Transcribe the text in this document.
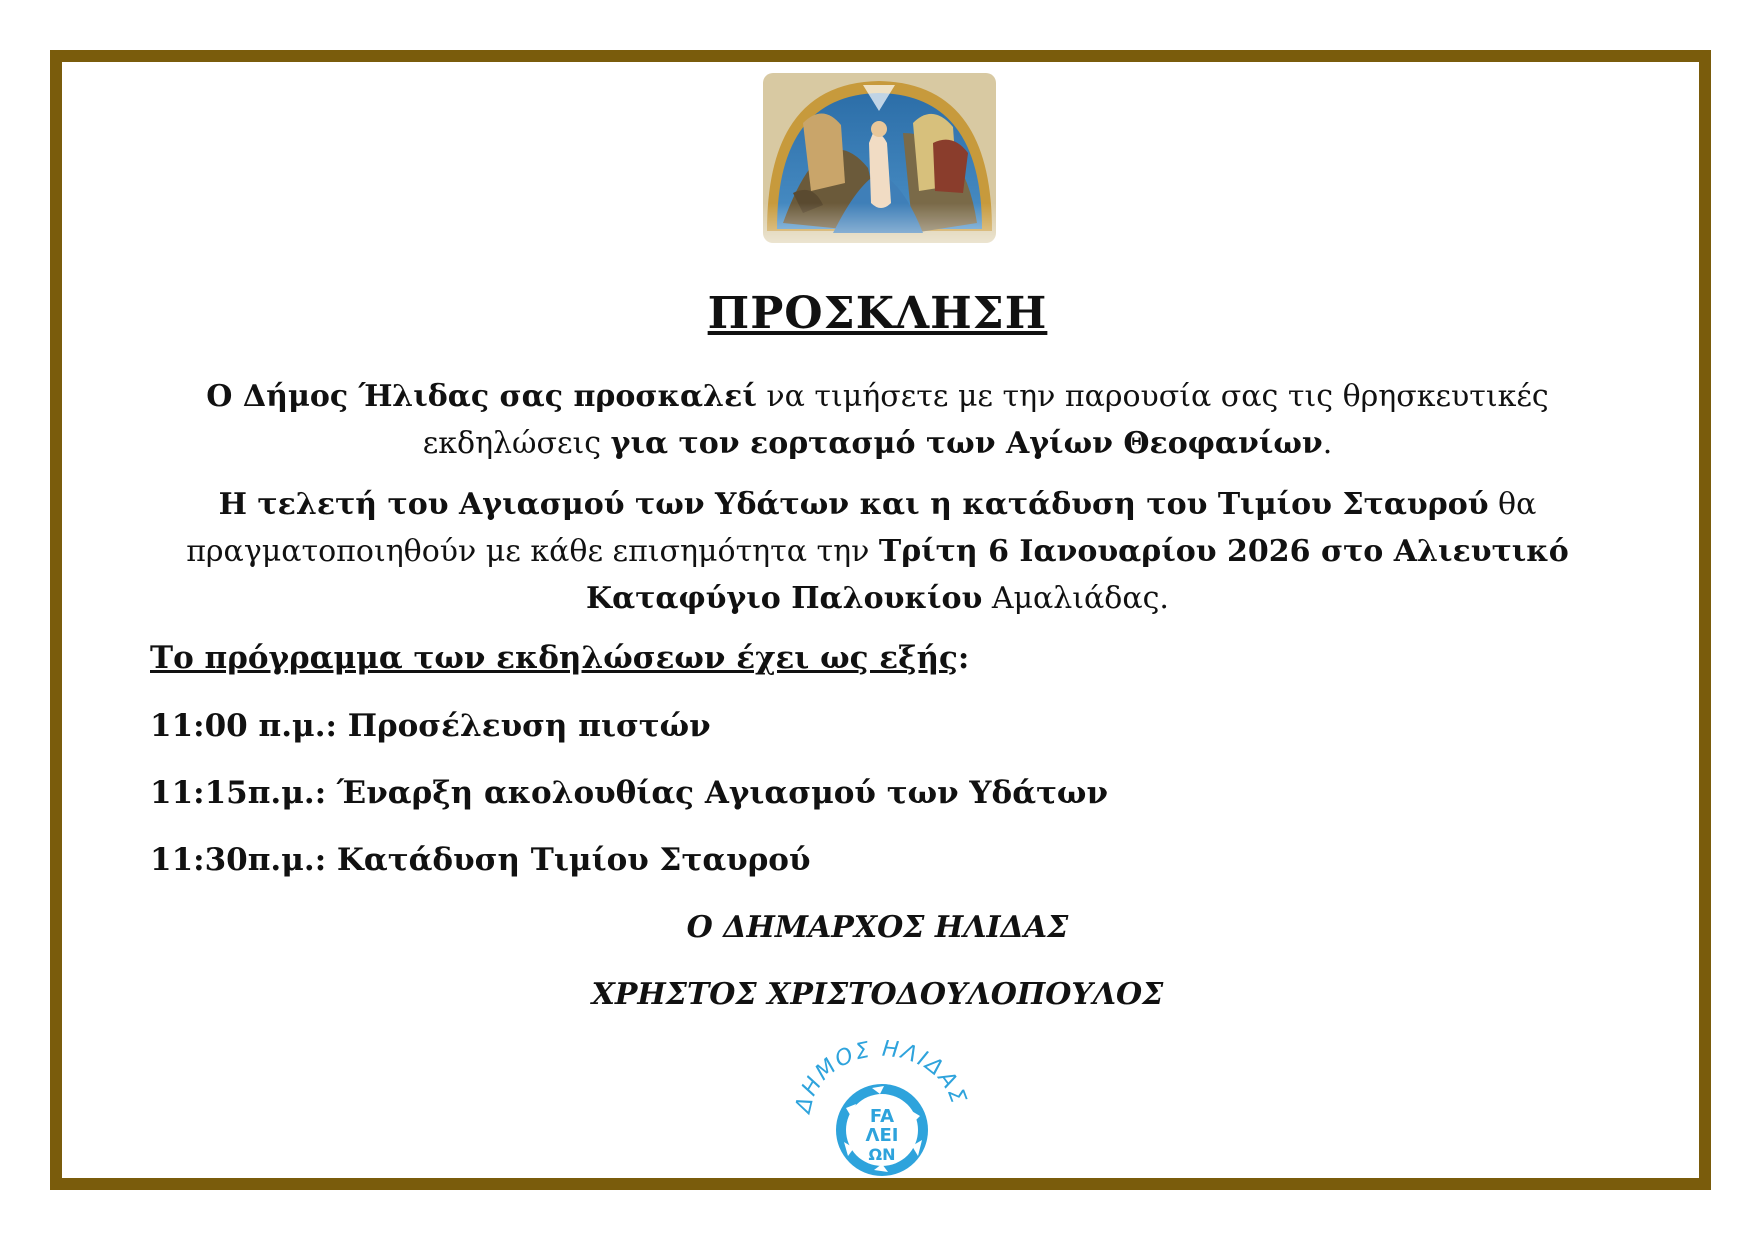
ΠΡΟΣΚΛΗΣΗ
Ο Δήμος Ήλιδας σας προσκαλεί να τιμήσετε με την παρουσία σας τις θρησκευτικές εκδηλώσεις για τον εορτασμό των Αγίων Θεοφανίων.
Η τελετή του Αγιασμού των Υδάτων και η κατάδυση του Τιμίου Σταυρού θα πραγματοποιηθούν με κάθε επισημότητα την Τρίτη 6 Ιανουαρίου 2026 στο Αλιευτικό Καταφύγιο Παλουκίου Αμαλιάδας.
Το πρόγραμμα των εκδηλώσεων έχει ως εξής:
11:00 π.μ.: Προσέλευση πιστών
11:15π.μ.: Έναρξη ακολουθίας Αγιασμού των Υδάτων
11:30π.μ.: Κατάδυση Τιμίου Σταυρού
Ο ΔΗΜΑΡΧΟΣ ΗΛΙΔΑΣ
ΧΡΗΣΤΟΣ ΧΡΙΣΤΟΔΟΥΛΟΠΟΥΛΟΣ
ΔΗΜΟΣ ΗΛΙΔΑΣ
FA
ΛΕΙ
ΩΝ
